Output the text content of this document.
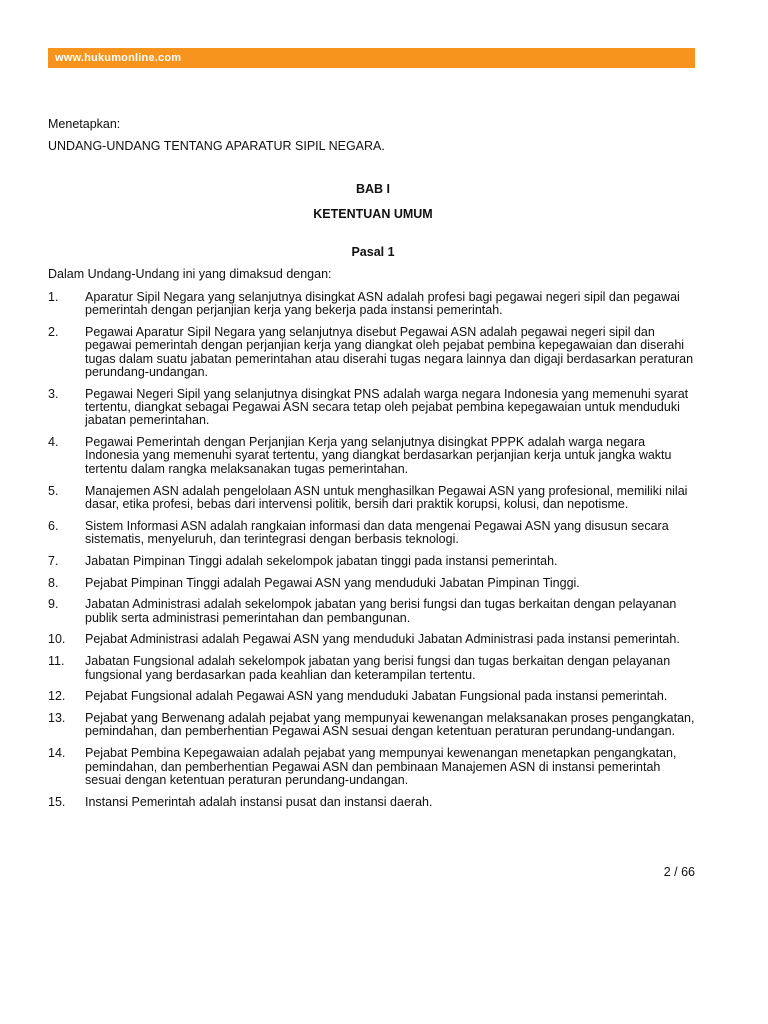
www.hukumonline.com
Menetapkan:
UNDANG-UNDANG TENTANG APARATUR SIPIL NEGARA.
BAB I
KETENTUAN UMUM
Pasal 1
Dalam Undang-Undang ini yang dimaksud dengan:
1.	Aparatur Sipil Negara yang selanjutnya disingkat ASN adalah profesi bagi pegawai negeri sipil dan pegawai pemerintah dengan perjanjian kerja yang bekerja pada instansi pemerintah.
2.	Pegawai Aparatur Sipil Negara yang selanjutnya disebut Pegawai ASN adalah pegawai negeri sipil dan pegawai pemerintah dengan perjanjian kerja yang diangkat oleh pejabat pembina kepegawaian dan diserahi tugas dalam suatu jabatan pemerintahan atau diserahi tugas negara lainnya dan digaji berdasarkan peraturan perundang-undangan.
3.	Pegawai Negeri Sipil yang selanjutnya disingkat PNS adalah warga negara Indonesia yang memenuhi syarat tertentu, diangkat sebagai Pegawai ASN secara tetap oleh pejabat pembina kepegawaian untuk menduduki jabatan pemerintahan.
4.	Pegawai Pemerintah dengan Perjanjian Kerja yang selanjutnya disingkat PPPK adalah warga negara Indonesia yang memenuhi syarat tertentu, yang diangkat berdasarkan perjanjian kerja untuk jangka waktu tertentu dalam rangka melaksanakan tugas pemerintahan.
5.	Manajemen ASN adalah pengelolaan ASN untuk menghasilkan Pegawai ASN yang profesional, memiliki nilai dasar, etika profesi, bebas dari intervensi politik, bersih dari praktik korupsi, kolusi, dan nepotisme.
6.	Sistem Informasi ASN adalah rangkaian informasi dan data mengenai Pegawai ASN yang disusun secara sistematis, menyeluruh, dan terintegrasi dengan berbasis teknologi.
7.	Jabatan Pimpinan Tinggi adalah sekelompok jabatan tinggi pada instansi pemerintah.
8.	Pejabat Pimpinan Tinggi adalah Pegawai ASN yang menduduki Jabatan Pimpinan Tinggi.
9.	Jabatan Administrasi adalah sekelompok jabatan yang berisi fungsi dan tugas berkaitan dengan pelayanan publik serta administrasi pemerintahan dan pembangunan.
10.	Pejabat Administrasi adalah Pegawai ASN yang menduduki Jabatan Administrasi pada instansi pemerintah.
11.	Jabatan Fungsional adalah sekelompok jabatan yang berisi fungsi dan tugas berkaitan dengan pelayanan fungsional yang berdasarkan pada keahlian dan keterampilan tertentu.
12.	Pejabat Fungsional adalah Pegawai ASN yang menduduki Jabatan Fungsional pada instansi pemerintah.
13.	Pejabat yang Berwenang adalah pejabat yang mempunyai kewenangan melaksanakan proses pengangkatan, pemindahan, dan pemberhentian Pegawai ASN sesuai dengan ketentuan peraturan perundang-undangan.
14.	Pejabat Pembina Kepegawaian adalah pejabat yang mempunyai kewenangan menetapkan pengangkatan, pemindahan, dan pemberhentian Pegawai ASN dan pembinaan Manajemen ASN di instansi pemerintah sesuai dengan ketentuan peraturan perundang-undangan.
15.	Instansi Pemerintah adalah instansi pusat dan instansi daerah.
2 / 66
